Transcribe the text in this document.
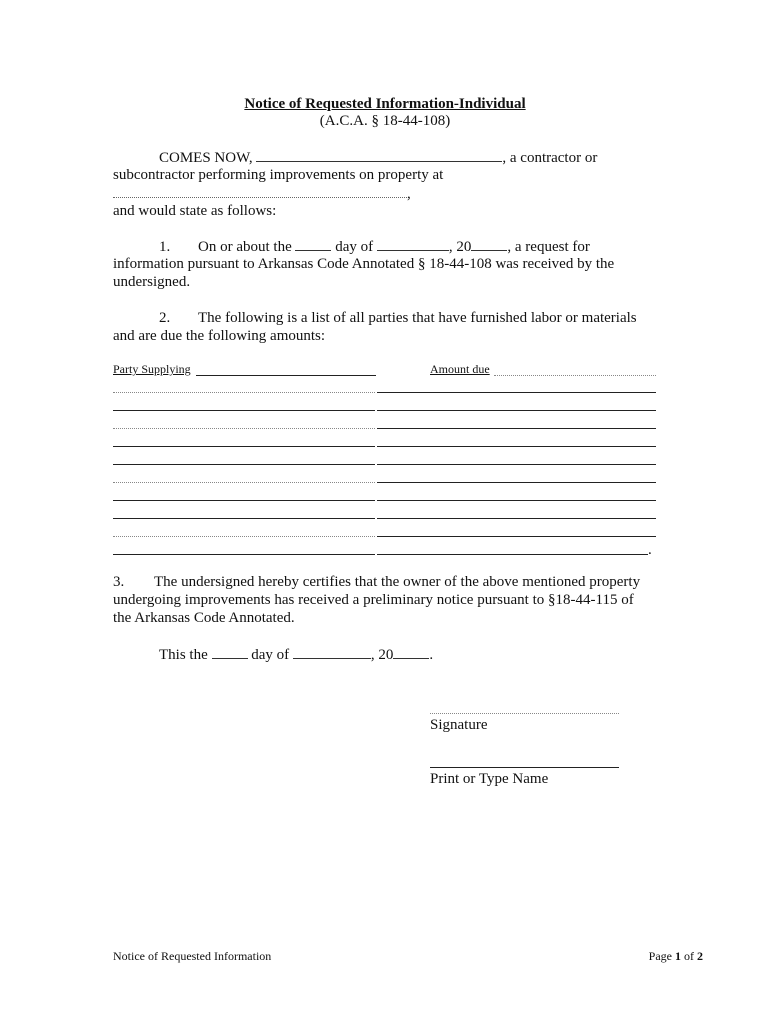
Notice of Requested Information-Individual
(A.C.A. § 18-44-108)
COMES NOW,	, a contractor or
subcontractor performing improvements on property at
,
and would state as follows:
1. On or about the	day of	, 20 , a request for
information pursuant to Arkansas Code Annotated § 18-44-108 was received by the
undersigned.
2. The following is a list of all parties that have furnished labor or materials
and are due the following amounts:
Party Supplying	Amount due
.
3. The undersigned hereby certifies that the owner of the above mentioned property
undergoing improvements has received a preliminary notice pursuant to §18-44-115 of
the Arkansas Code Annotated.
This the	day of	, 20 .
Signature
Print or Type Name
Notice of Requested Information	Page 1 of 2
